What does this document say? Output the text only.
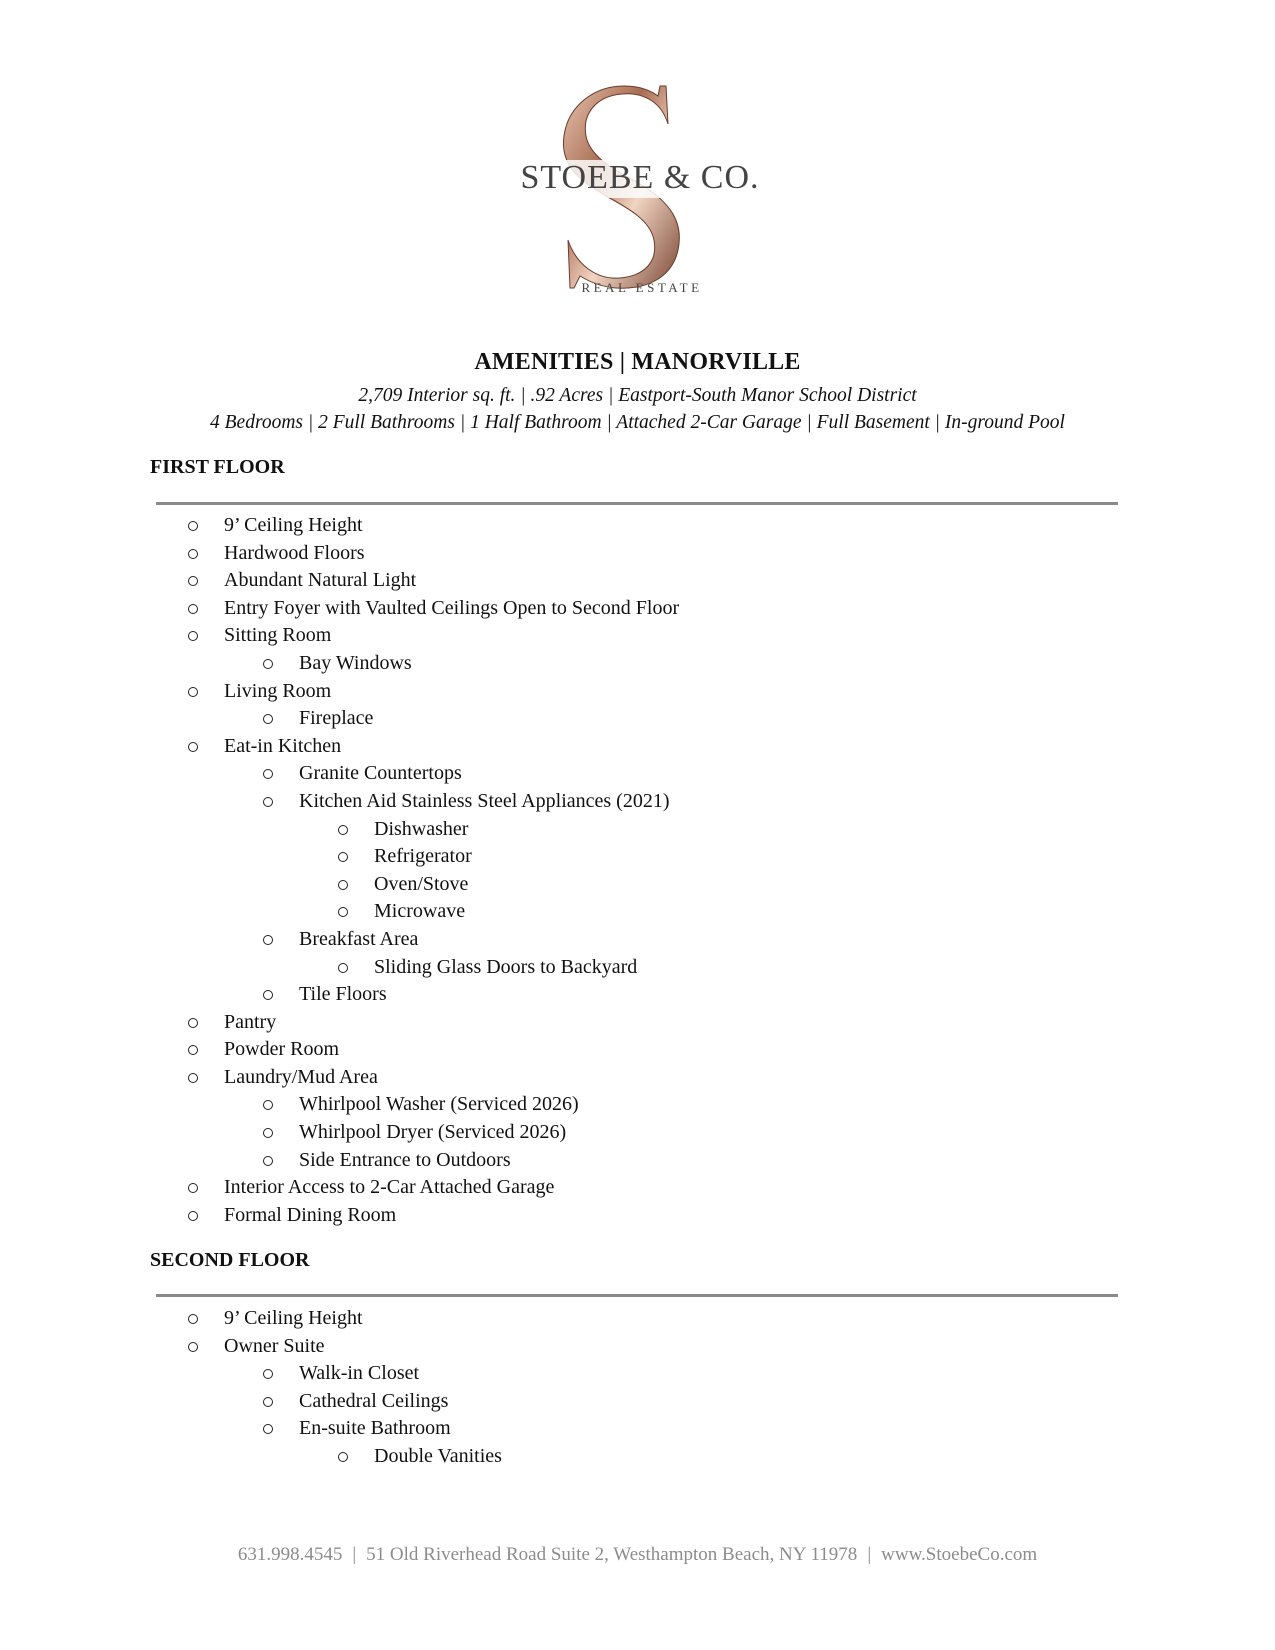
STOEBE & CO.
REAL ESTATE

AMENITIES | MANORVILLE

2,709 Interior sq. ft. | .92 Acres | Eastport-South Manor School District

4 Bedrooms | 2 Full Bathrooms | 1 Half Bathroom | Attached 2-Car Garage | Full Basement | In-ground Pool

FIRST FLOOR

9’ Ceiling Height
Hardwood Floors
Abundant Natural Light
Entry Foyer with Vaulted Ceilings Open to Second Floor
Sitting Room
Bay Windows
Living Room
Fireplace
Eat-in Kitchen
Granite Countertops
Kitchen Aid Stainless Steel Appliances (2021)
Dishwasher
Refrigerator
Oven/Stove
Microwave
Breakfast Area
Sliding Glass Doors to Backyard
Tile Floors
Pantry
Powder Room
Laundry/Mud Area
Whirlpool Washer (Serviced 2026)
Whirlpool Dryer (Serviced 2026)
Side Entrance to Outdoors
Interior Access to 2-Car Attached Garage
Formal Dining Room

SECOND FLOOR

9’ Ceiling Height
Owner Suite
Walk-in Closet
Cathedral Ceilings
En-suite Bathroom
Double Vanities
631.998.4545 | 51 Old Riverhead Road Suite 2, Westhampton Beach, NY 11978 | www.StoebeCo.com
